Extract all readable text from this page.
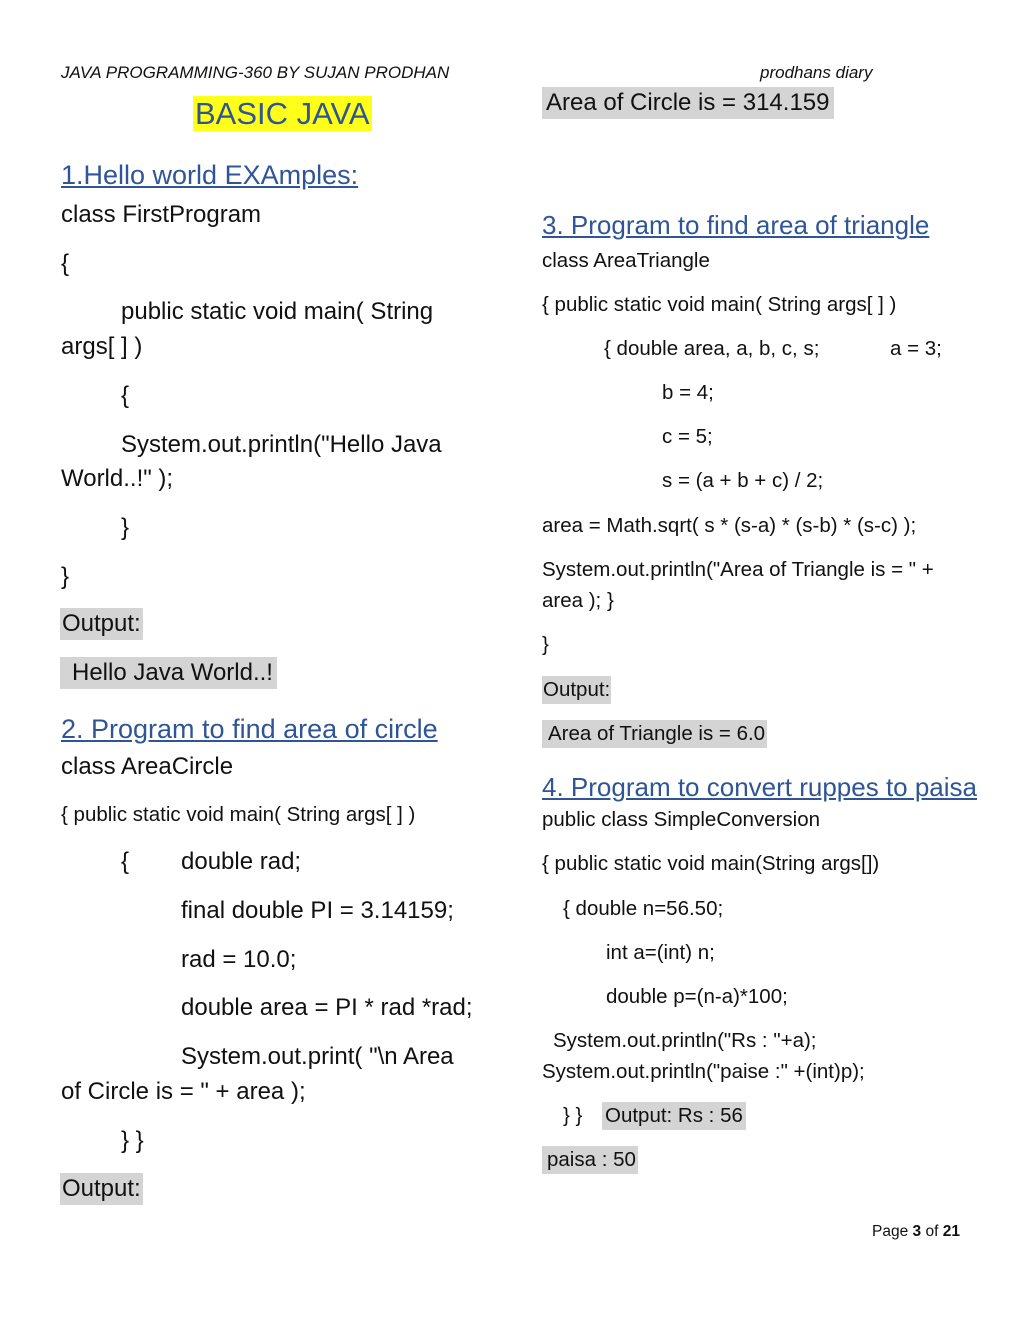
JAVA PROGRAMMING-360 BY SUJAN PRODHAN	prodhans diary
BASIC JAVA
1.Hello world EXAmples:
class FirstProgram
{
public static void main( String
args[ ] )
{
System.out.println("Hello Java
World..!" );
}
}
Output:
Hello Java World..!
2. Program to find area of circle
class AreaCircle
{ public static void main( String args[ ] )
{ double rad;
final double PI = 3.14159;
rad = 10.0;
double area = PI * rad *rad;
System.out.print( "\n Area
of Circle is = " + area );
} }
Output:
Area of Circle is = 314.159
3. Program to find area of triangle
class AreaTriangle
{ public static void main( String args[ ] )
{ double area, a, b, c, s;	a = 3;
b = 4;
c = 5;
s = (a + b + c) / 2;
area = Math.sqrt( s * (s-a) * (s-b) * (s-c) );
System.out.println("Area of Triangle is = " +
area ); }
}
Output:
Area of Triangle is = 6.0
4. Program to convert ruppes to paisa
public class SimpleConversion
{ public static void main(String args[])
{ double n=56.50;
int a=(int) n;
double p=(n-a)*100;
System.out.println("Rs : "+a);
System.out.println("paise :" +(int)p);
} } Output: Rs : 56
paisa : 50
Page 3 of 21
